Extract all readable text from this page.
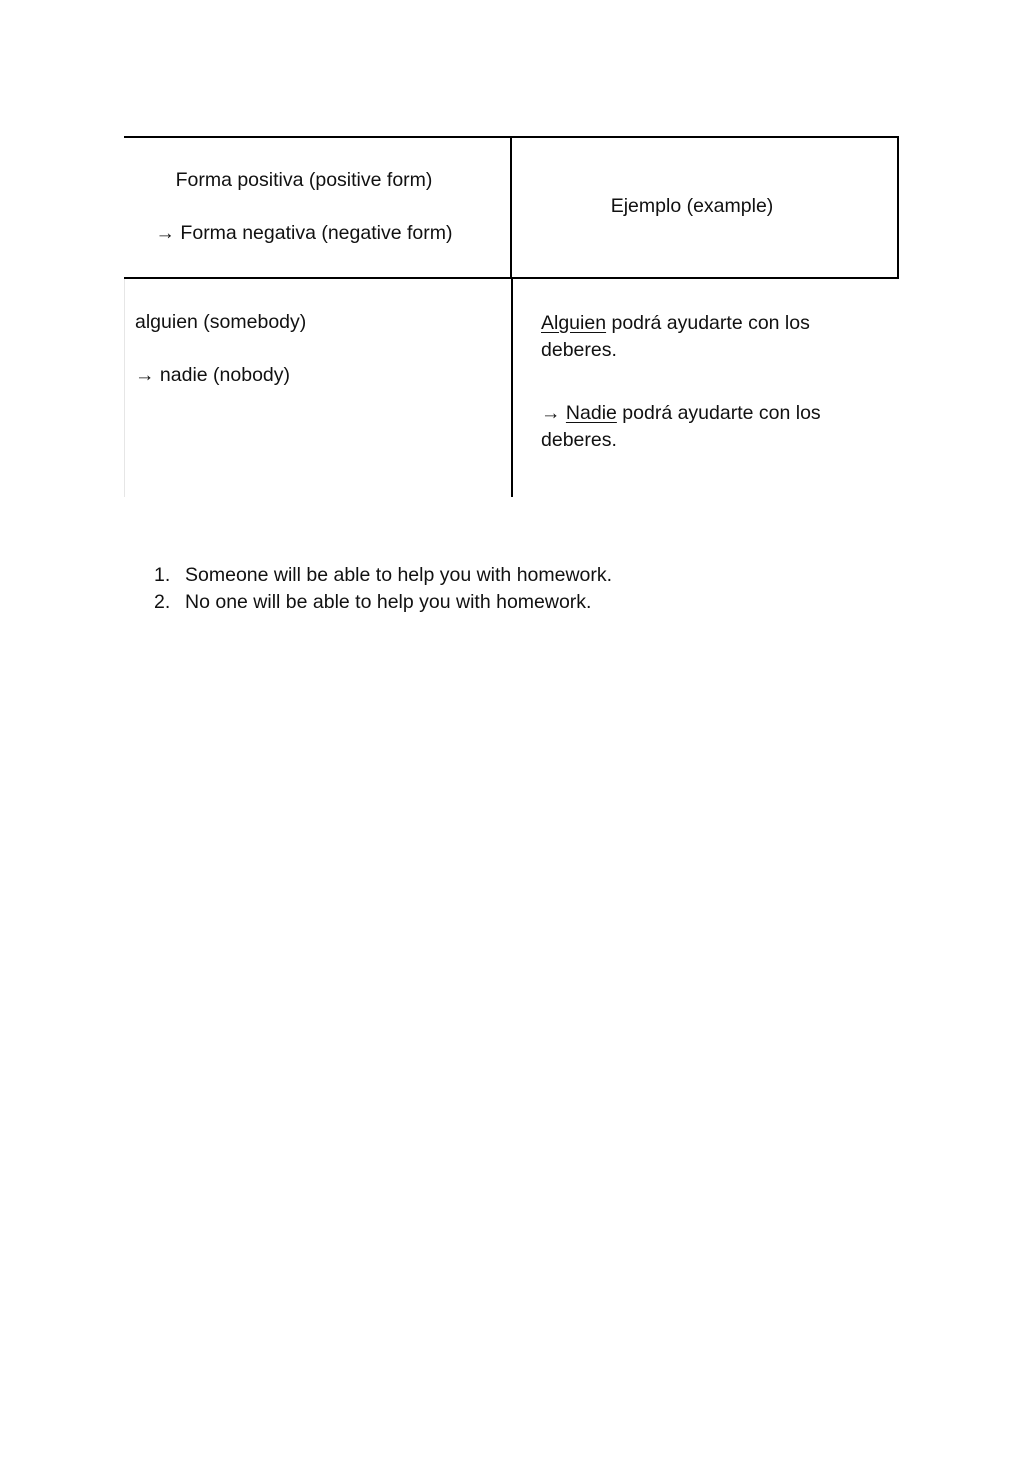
Forma positiva (positive form)
→ Forma negativa (negative form)
Ejemplo (example)
alguien (somebody)
→ nadie (nobody)
Alguien podrá ayudarte con los deberes.
→ Nadie podrá ayudarte con los deberes.
1. Someone will be able to help you with homework.
2. No one will be able to help you with homework.
